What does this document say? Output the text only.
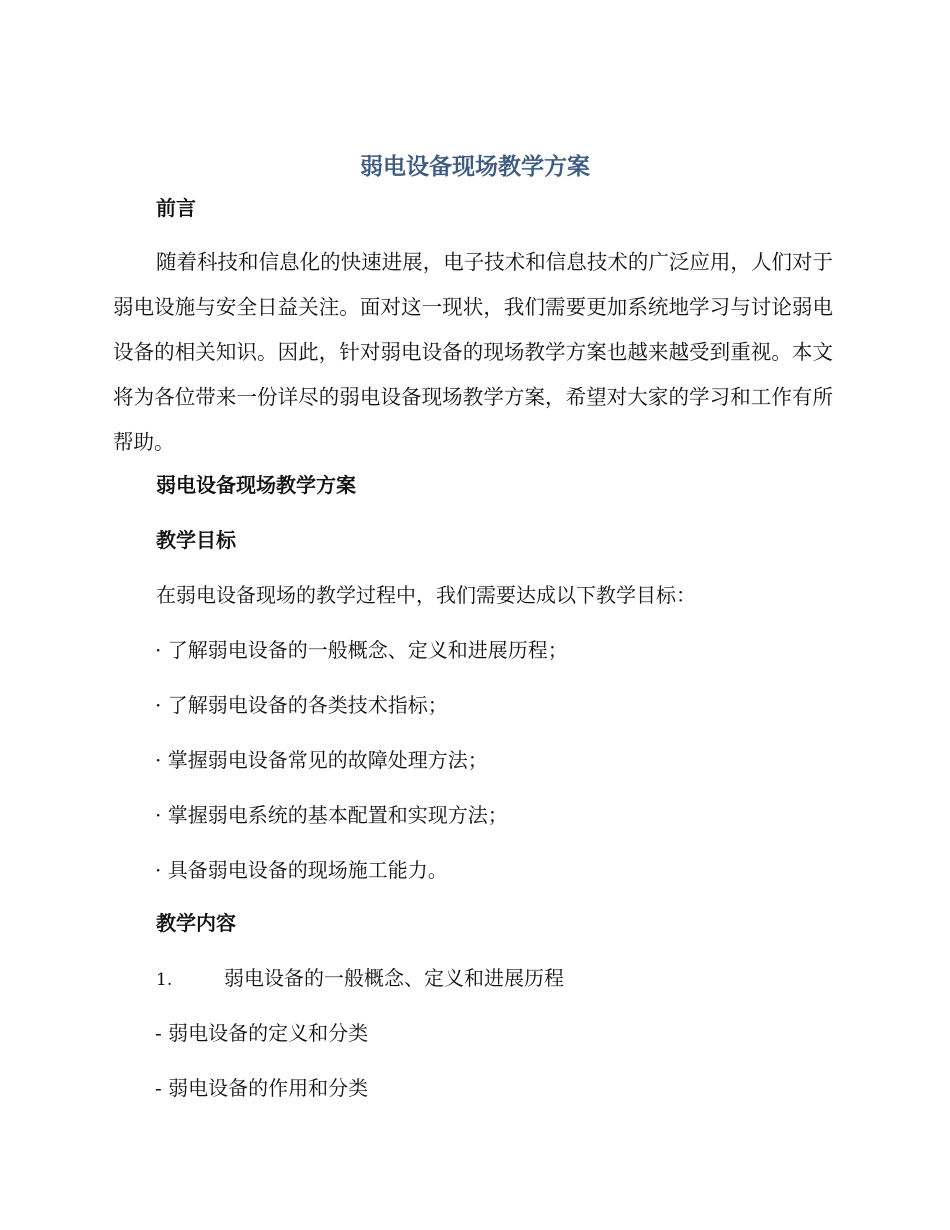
弱电设备现场教学方案

前言

随着科技和信息化的快速进展，电子技术和信息技术的广泛应用，人们对于弱电设施与安全日益关注。面对这一现状，我们需要更加系统地学习与讨论弱电设备的相关知识。因此，针对弱电设备的现场教学方案也越来越受到重视。本文将为各位带来一份详尽的弱电设备现场教学方案，希望对大家的学习和工作有所帮助。

弱电设备现场教学方案

教学目标

在弱电设备现场的教学过程中，我们需要达成以下教学目标：

· 了解弱电设备的一般概念、定义和进展历程；

· 了解弱电设备的各类技术指标；

· 掌握弱电设备常见的故障处理方法；

· 掌握弱电系统的基本配置和实现方法；

· 具备弱电设备的现场施工能力。

教学内容

1.	弱电设备的一般概念、定义和进展历程

- 弱电设备的定义和分类

- 弱电设备的作用和分类
